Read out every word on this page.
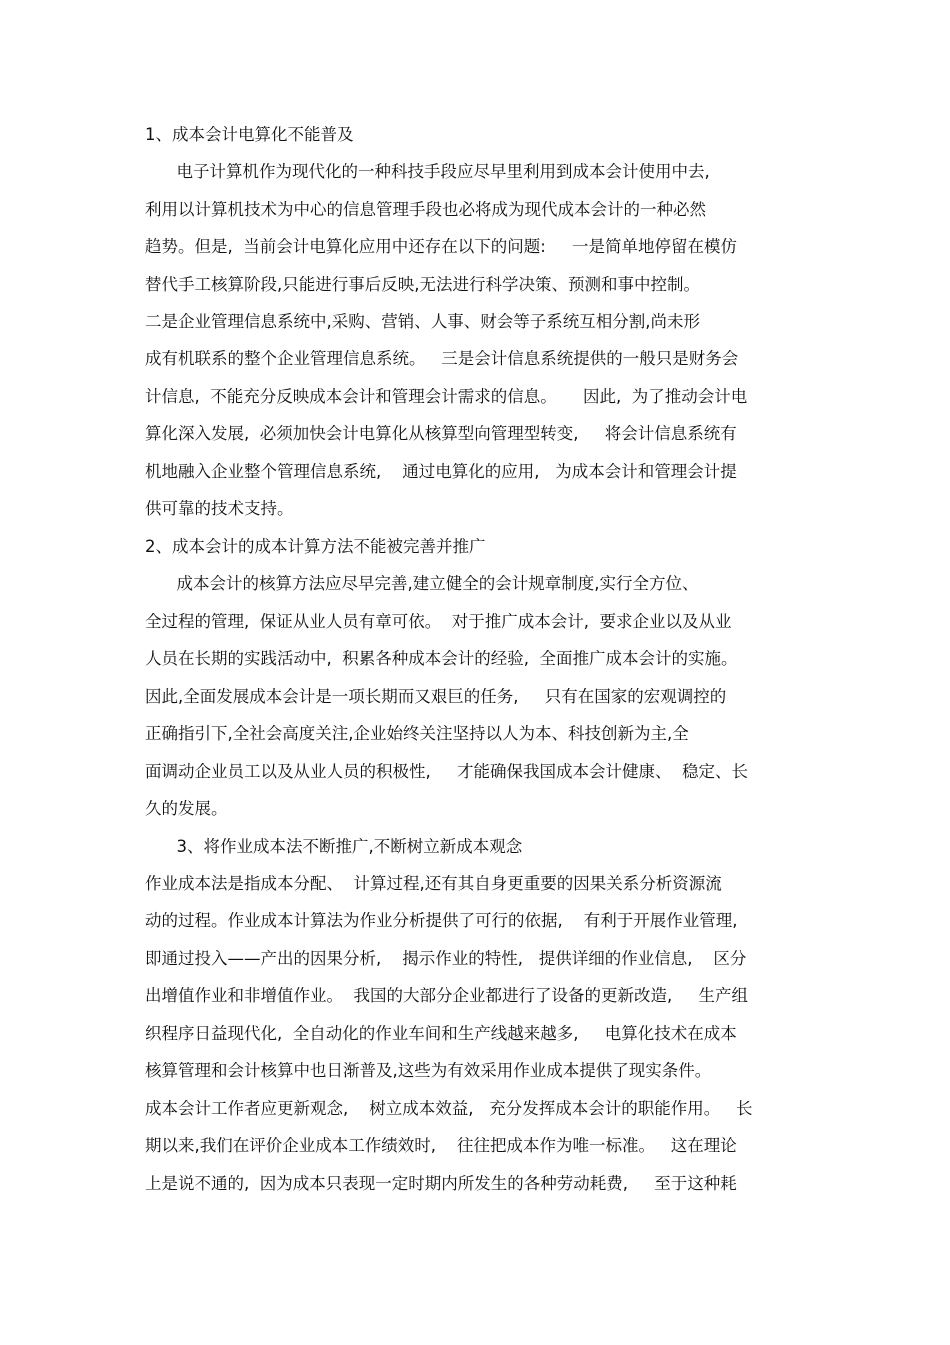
1、成本会计电算化不能普及

电子计算机作为现代化的一种科技手段应尽早里利用到成本会计使用中去,

利用以计算机技术为中心的信息管理手段也必将成为现代成本会计的一种必然

趋势。但是,  当前会计电算化应用中还存在以下的问题:     一是简单地停留在模仿

替代手工核算阶段,只能进行事后反映,无法进行科学决策、预测和事中控制。

二是企业管理信息系统中,采购、营销、人事、财会等子系统互相分割,尚未形

成有机联系的整个企业管理信息系统。   三是会计信息系统提供的一般只是财务会

计信息,  不能充分反映成本会计和管理会计需求的信息。     因此,  为了推动会计电

算化深入发展,  必须加快会计电算化从核算型向管理型转变,     将会计信息系统有

机地融入企业整个管理信息系统,    通过电算化的应用,   为成本会计和管理会计提

供可靠的技术支持。

2、成本会计的成本计算方法不能被完善并推广

成本会计的核算方法应尽早完善,建立健全的会计规章制度,实行全方位、

全过程的管理,  保证从业人员有章可依。  对于推广成本会计,  要求企业以及从业

人员在长期的实践活动中,  积累各种成本会计的经验,  全面推广成本会计的实施。

因此,全面发展成本会计是一项长期而又艰巨的任务,     只有在国家的宏观调控的

正确指引下,全社会高度关注,企业始终关注坚持以人为本、科技创新为主,全

面调动企业员工以及从业人员的积极性,     才能确保我国成本会计健康、  稳定、长

久的发展。

3、将作业成本法不断推广,不断树立新成本观念

作业成本法是指成本分配、  计算过程,还有其自身更重要的因果关系分析资源流

动的过程。作业成本计算法为作业分析提供了可行的依据,    有利于开展作业管理,

即通过投入——产出的因果分析,    揭示作业的特性,   提供详细的作业信息,    区分

出增值作业和非增值作业。  我国的大部分企业都进行了设备的更新改造,     生产组

织程序日益现代化,  全自动化的作业车间和生产线越来越多,     电算化技术在成本

核算管理和会计核算中也日渐普及,这些为有效采用作业成本提供了现实条件。

成本会计工作者应更新观念,    树立成本效益,   充分发挥成本会计的职能作用。   长

期以来,我们在评价企业成本工作绩效时,    往往把成本作为唯一标准。   这在理论

上是说不通的,  因为成本只表现一定时期内所发生的各种劳动耗费,     至于这种耗
